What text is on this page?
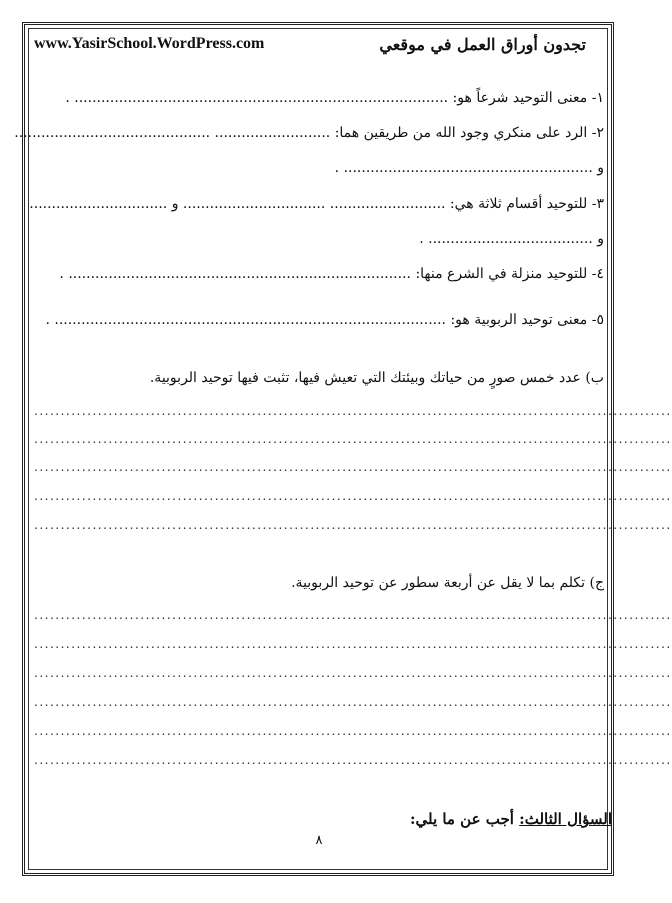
www.YasirSchool.WordPress.com	تجدون أوراق العمل في موقعي
١- معنى التوحيد شرعاً هو: .................................................................................... .
٢- الرد على منكري وجود الله من طريقين هما: .......................... ............................................
و ........................................................ .
٣- للتوحيد أقسام ثلاثة هي: .......................... ................................ و ...............................
و ..................................... .
٤- للتوحيد منزلة في الشرع منها: ............................................................................. .
٥- معنى توحيد الربوبية هو: ........................................................................................ .
ب) عدد خمس صورٍ من حياتك وبيئتك التي تعيش فيها، تثبت فيها توحيد الربوبية.
........................................................................................................................
........................................................................................................................
........................................................................................................................
........................................................................................................................
........................................................................................................................
ج) تكلم بما لا يقل عن أربعة سطور عن توحيد الربوبية.
........................................................................................................................
........................................................................................................................
........................................................................................................................
........................................................................................................................
........................................................................................................................
........................................................................................................................
السؤال الثالث: أجب عن ما يلي:
٨
